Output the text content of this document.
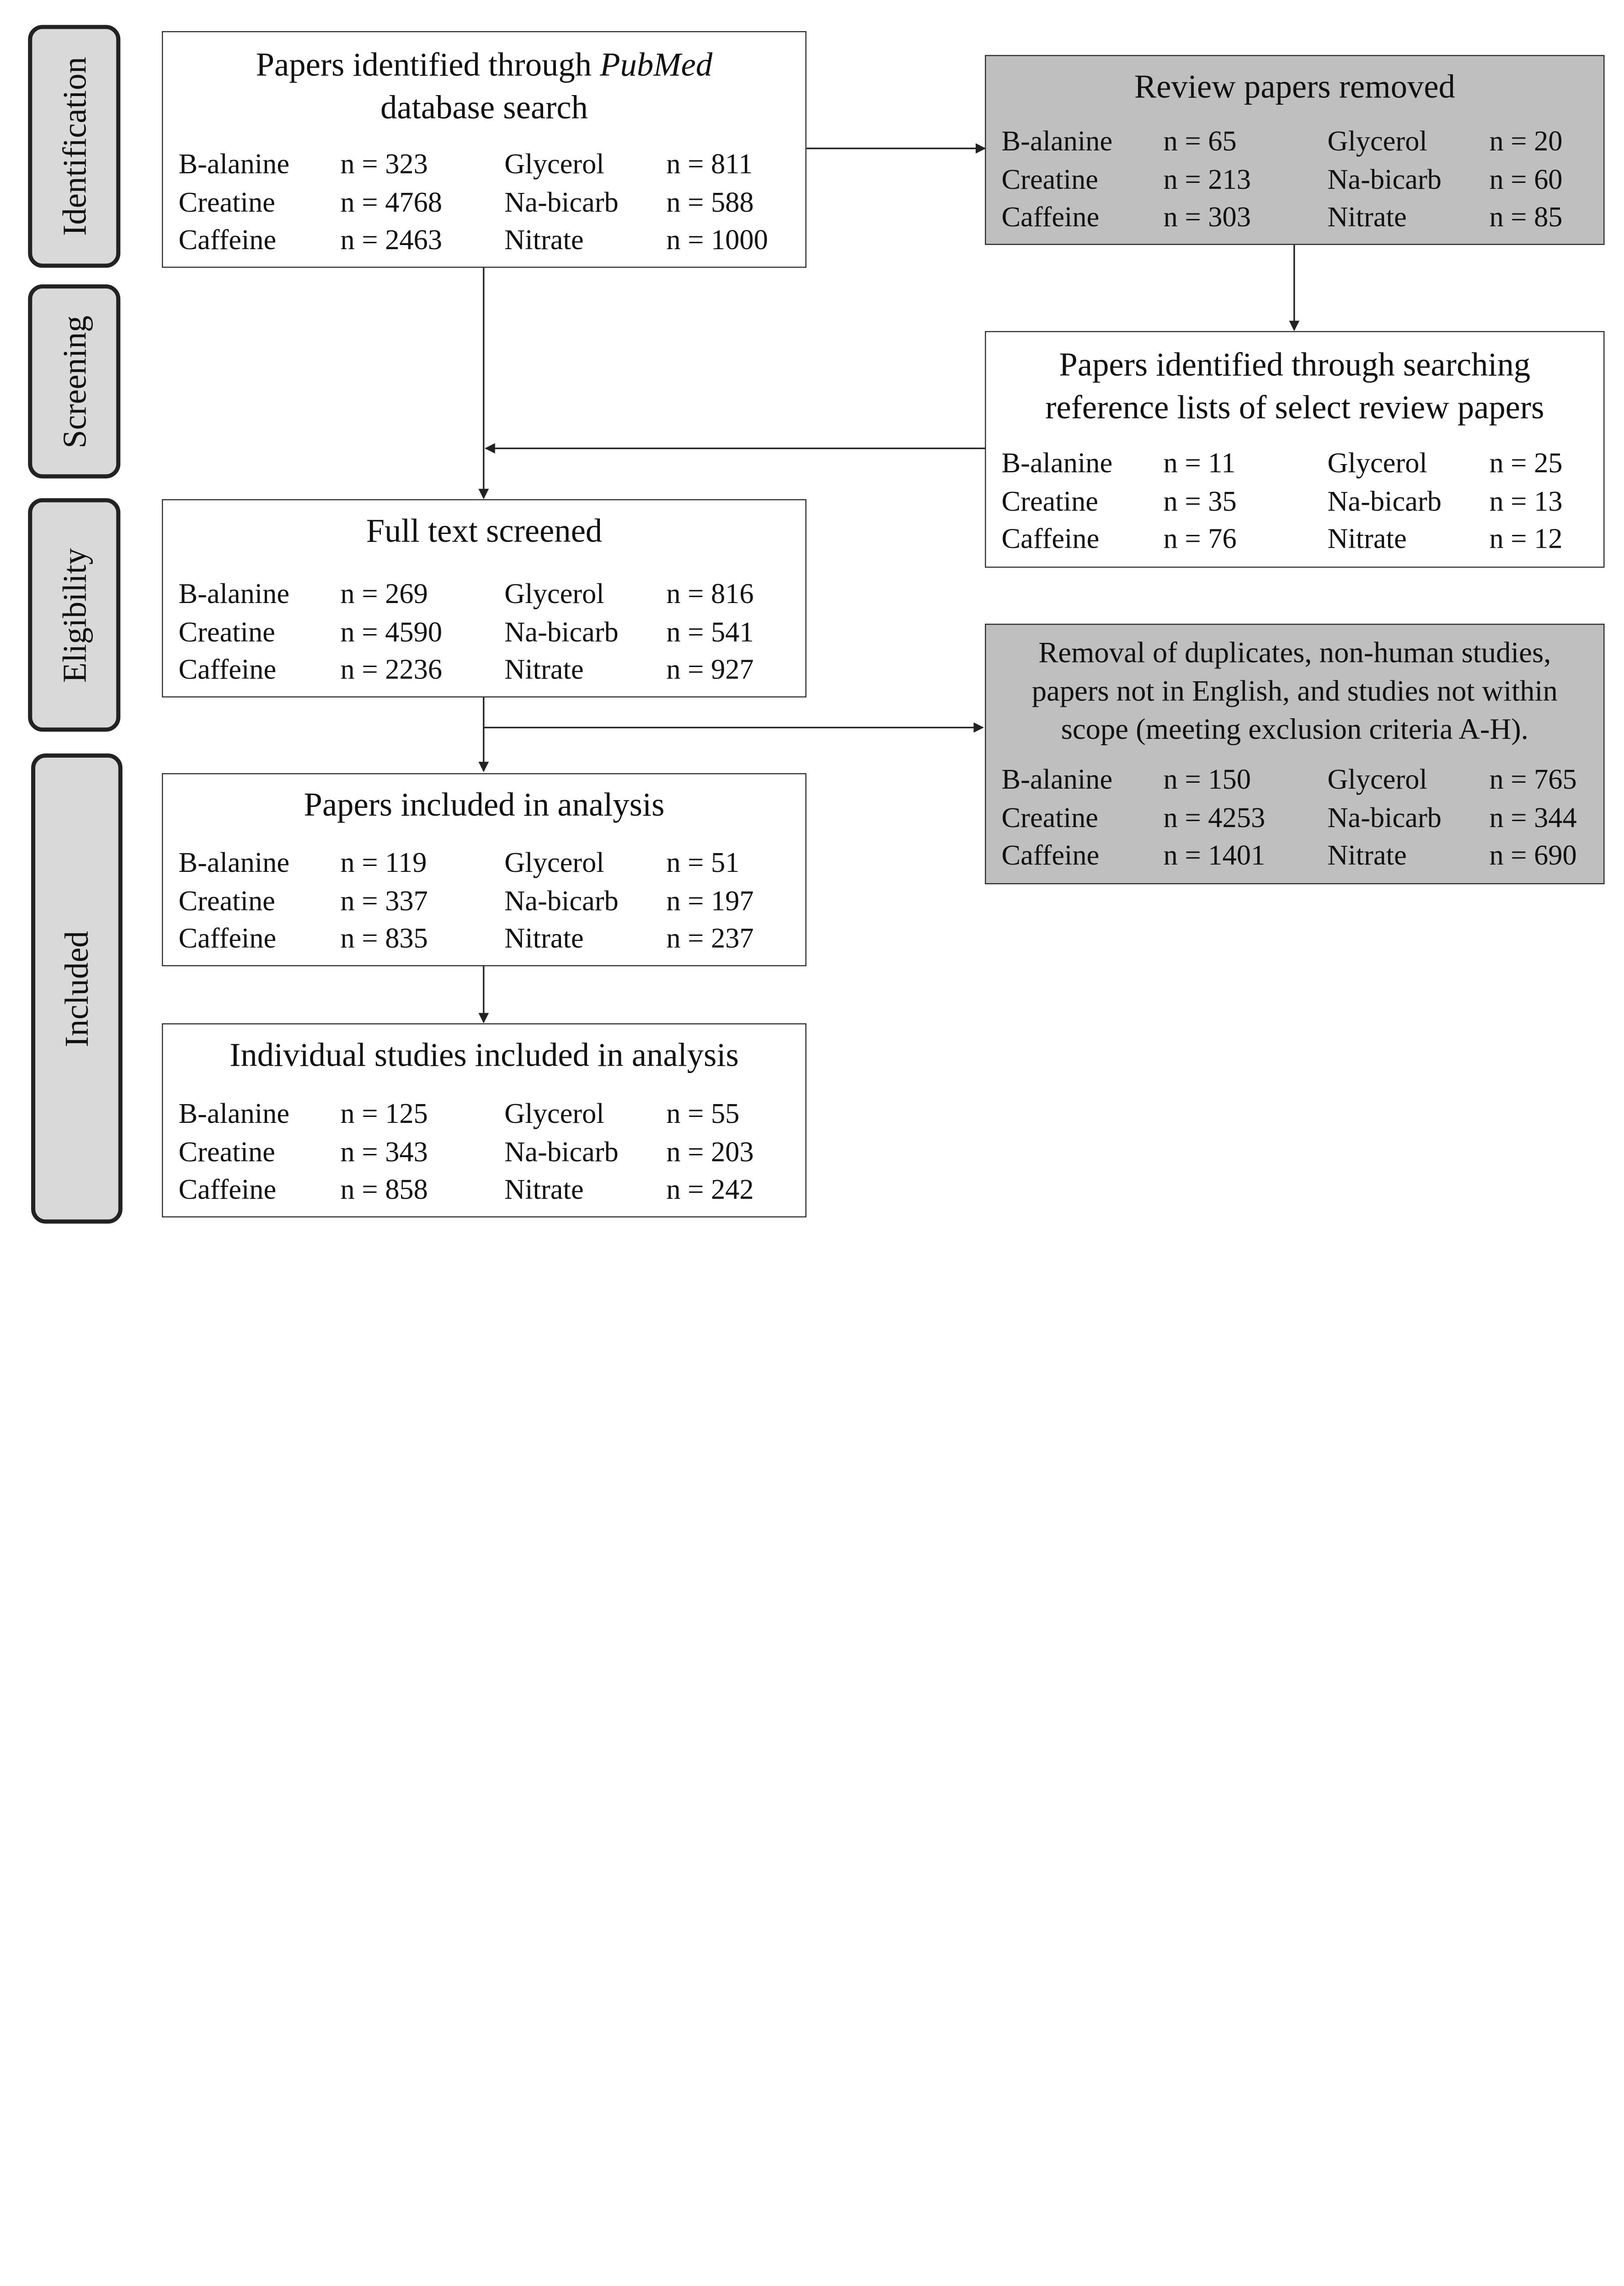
Identification
Screening
Eligibility
Included
Papers identified through PubMed
database search
B-alanine	n = 323	Glycerol	n = 811
Creatine	n = 4768	Na-bicarb	n = 588
Caffeine	n = 2463	Nitrate	n = 1000
Review papers removed
B-alanine	n = 65	Glycerol	n = 20
Creatine	n = 213	Na-bicarb	n = 60
Caffeine	n = 303	Nitrate	n = 85
Papers identified through searching
reference lists of select review papers
B-alanine	n = 11	Glycerol	n = 25
Creatine	n = 35	Na-bicarb	n = 13
Caffeine	n = 76	Nitrate	n = 12
Full text screened
B-alanine	n = 269	Glycerol	n = 816
Creatine	n = 4590	Na-bicarb	n = 541
Caffeine	n = 2236	Nitrate	n = 927	Removal of duplicates, non-human studies,
papers not in English, and studies not within
scope (meeting exclusion criteria A-H).
B-alanine	n = 150	Glycerol	n = 765
Creatine	n = 4253	Na-bicarb	n = 344
Caffeine	n = 1401	Nitrate	n = 690
Papers included in analysis
B-alanine	n = 119	Glycerol	n = 51
Creatine	n = 337	Na-bicarb	n = 197
Caffeine	n = 835	Nitrate	n = 237
Individual studies included in analysis
B-alanine	n = 125	Glycerol	n = 55
Creatine	n = 343	Na-bicarb	n = 203
Caffeine	n = 858	Nitrate	n = 242
